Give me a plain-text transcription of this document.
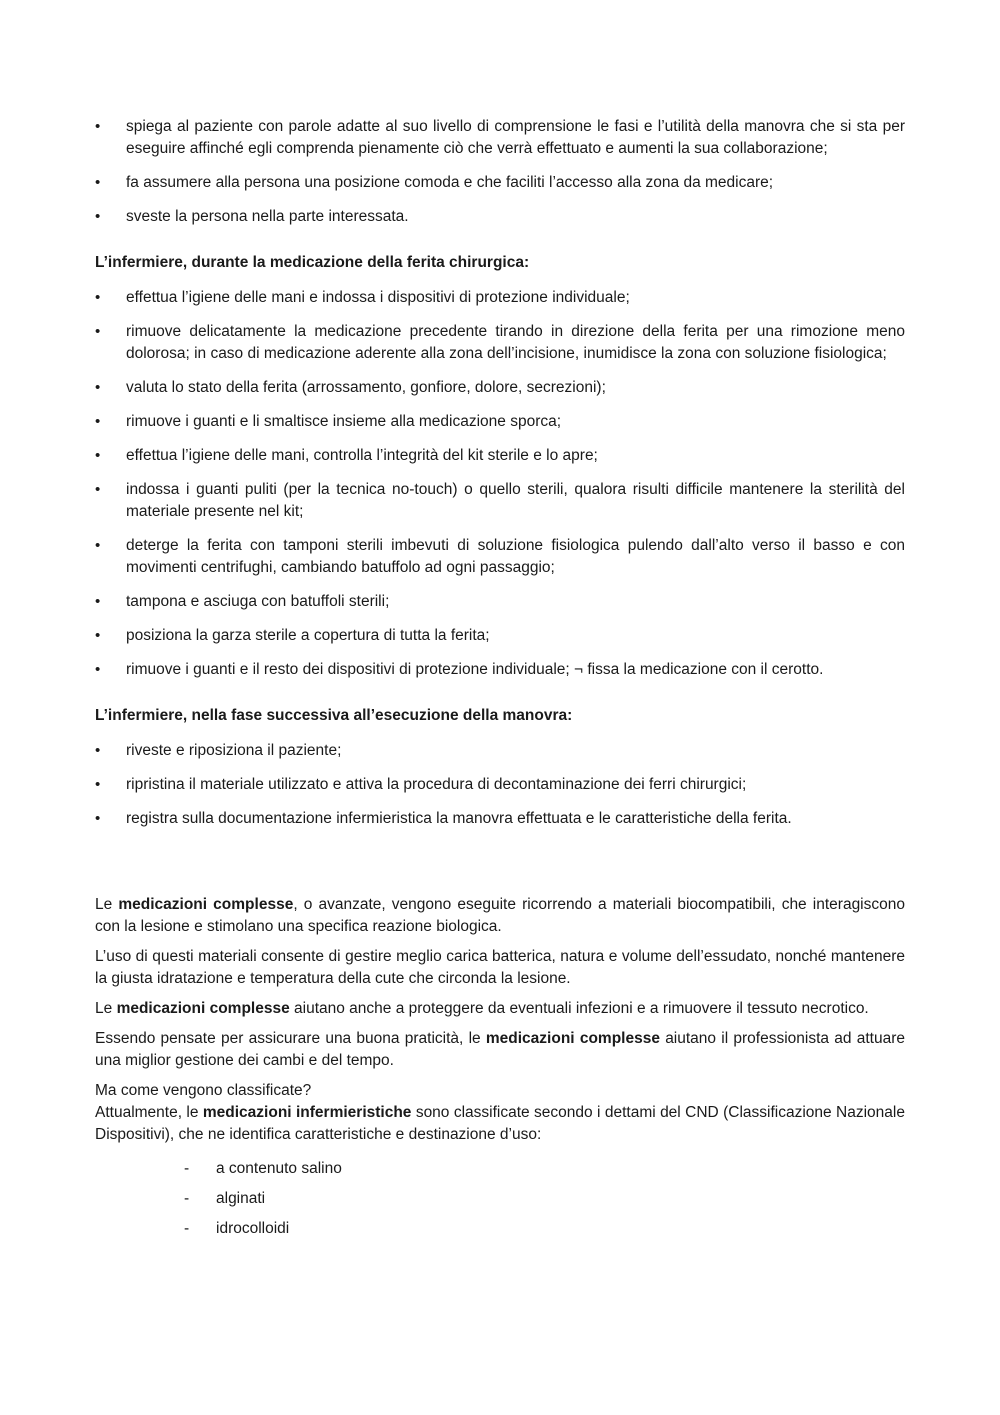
•	spiega al paziente con parole adatte al suo livello di comprensione le fasi e l’utilità della manovra che si sta per eseguire affinché egli comprenda pienamente ciò che verrà effettuato e aumenti la sua collaborazione;
•	fa assumere alla persona una posizione comoda e che faciliti l’accesso alla zona da medicare;
•	sveste la persona nella parte interessata.
L’infermiere, durante la medicazione della ferita chirurgica:
•	effettua l’igiene delle mani e indossa i dispositivi di protezione individuale;
•	rimuove delicatamente la medicazione precedente tirando in direzione della ferita per una rimozione meno dolorosa; in caso di medicazione aderente alla zona dell’incisione, inumidisce la zona con soluzione fisiologica;
•	valuta lo stato della ferita (arrossamento, gonfiore, dolore, secrezioni);
•	rimuove i guanti e li smaltisce insieme alla medicazione sporca;
•	effettua l’igiene delle mani, controlla l’integrità del kit sterile e lo apre;
•	indossa i guanti puliti (per la tecnica no-touch) o quello sterili, qualora risulti difficile mantenere la sterilità del materiale presente nel kit;
•	deterge la ferita con tamponi sterili imbevuti di soluzione fisiologica pulendo dall’alto verso il basso e con movimenti centrifughi, cambiando batuffolo ad ogni passaggio;
•	tampona e asciuga con batuffoli sterili;
•	posiziona la garza sterile a copertura di tutta la ferita;
•	rimuove i guanti e il resto dei dispositivi di protezione individuale; ¬ fissa la medicazione con il cerotto.
L’infermiere, nella fase successiva all’esecuzione della manovra:
•	riveste e riposiziona il paziente;
•	ripristina il materiale utilizzato e attiva la procedura di decontaminazione dei ferri chirurgici;
•	registra sulla documentazione infermieristica la manovra effettuata e le caratteristiche della ferita.

Le medicazioni complesse, o avanzate, vengono eseguite ricorrendo a materiali biocompatibili, che interagiscono con la lesione e stimolano una specifica reazione biologica.

L’uso di questi materiali consente di gestire meglio carica batterica, natura e volume dell’essudato, nonché mantenere la giusta idratazione e temperatura della cute che circonda la lesione.

Le medicazioni complesse aiutano anche a proteggere da eventuali infezioni e a rimuovere il tessuto necrotico.

Essendo pensate per assicurare una buona praticità, le medicazioni complesse aiutano il professionista ad attuare una miglior gestione dei cambi e del tempo.

Ma come vengono classificate?

Attualmente, le medicazioni infermieristiche sono classificate secondo i dettami del CND (Classificazione Nazionale Dispositivi), che ne identifica caratteristiche e destinazione d’uso:

- a contenuto salino
- alginati
- idrocolloidi
